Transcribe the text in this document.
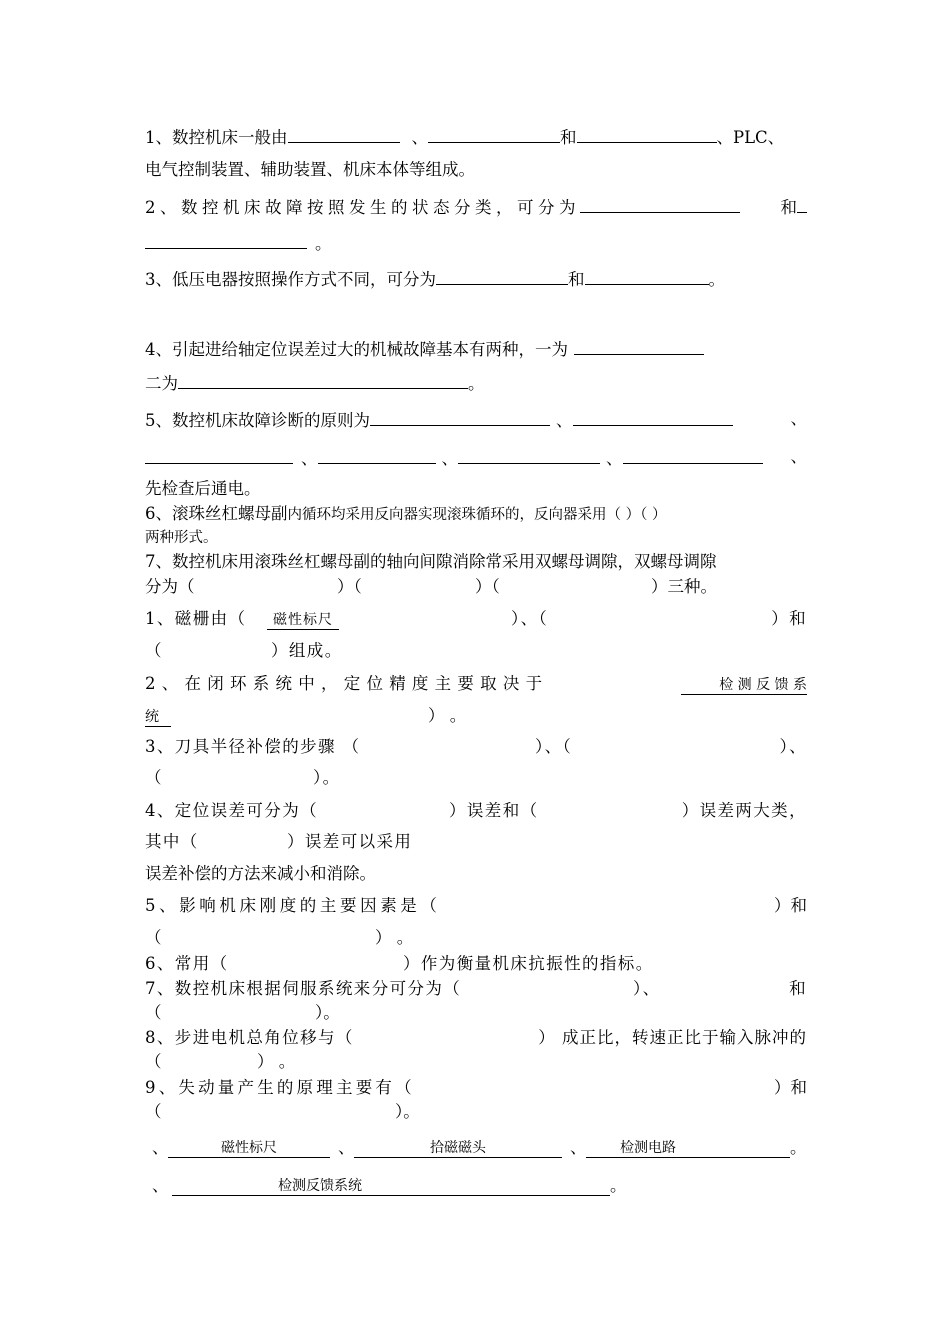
1、数控机床一般由	、	和	、PLC、
电气控制装置、辅助装置、机床本体等组成。
2、数控机床故障按照发生的状态分类，可分为	和
。
3、低压电器按照操作方式不同，可分为	和	。
4、引起进给轴定位误差过大的机械故障基本有两种，一为
二为	。
5、数控机床故障诊断的原则为	、	、
、	、	、	、
先检查后通电。
6、滚珠丝杠螺母副内循环均采用反向器实现滚珠循环的，反向器采用（ ）（ ）
两种形式。
7、数控机床用滚珠丝杠螺母副的轴向间隙消除常采用双螺母调隙，双螺母调隙
分为（	）（	）（	）三种。
1、磁栅由（	磁性标尺	）、（	）和
（	）组成。
2 、 在 闭 环 系 统 中 ， 定 位 精 度 主 要 取 决 于	检 测 反 馈 系
统	） 。
3、刀具半径补偿的步骤 （	）、（	）、
（	）。
4、定位误差可分为（	）误差和（	）误差两大类，
其中（	）误差可以采用
误差补偿的方法来减小和消除。
5、影响机床刚度的主要因素是（	）和
（	） 。
6、常用（	）作为衡量机床抗振性的指标。
7、数控机床根据伺服系统来分可分为（	）、	和
（	）。
8、步进电机总角位移与（	） 成正比，转速正比于输入脉冲的
（	） 。
9、失动量产生的原理主要有（	）和
（	）。
、	磁性标尺	、	拾磁磁头	、	检测电路	。
、	检测反馈系统	。
